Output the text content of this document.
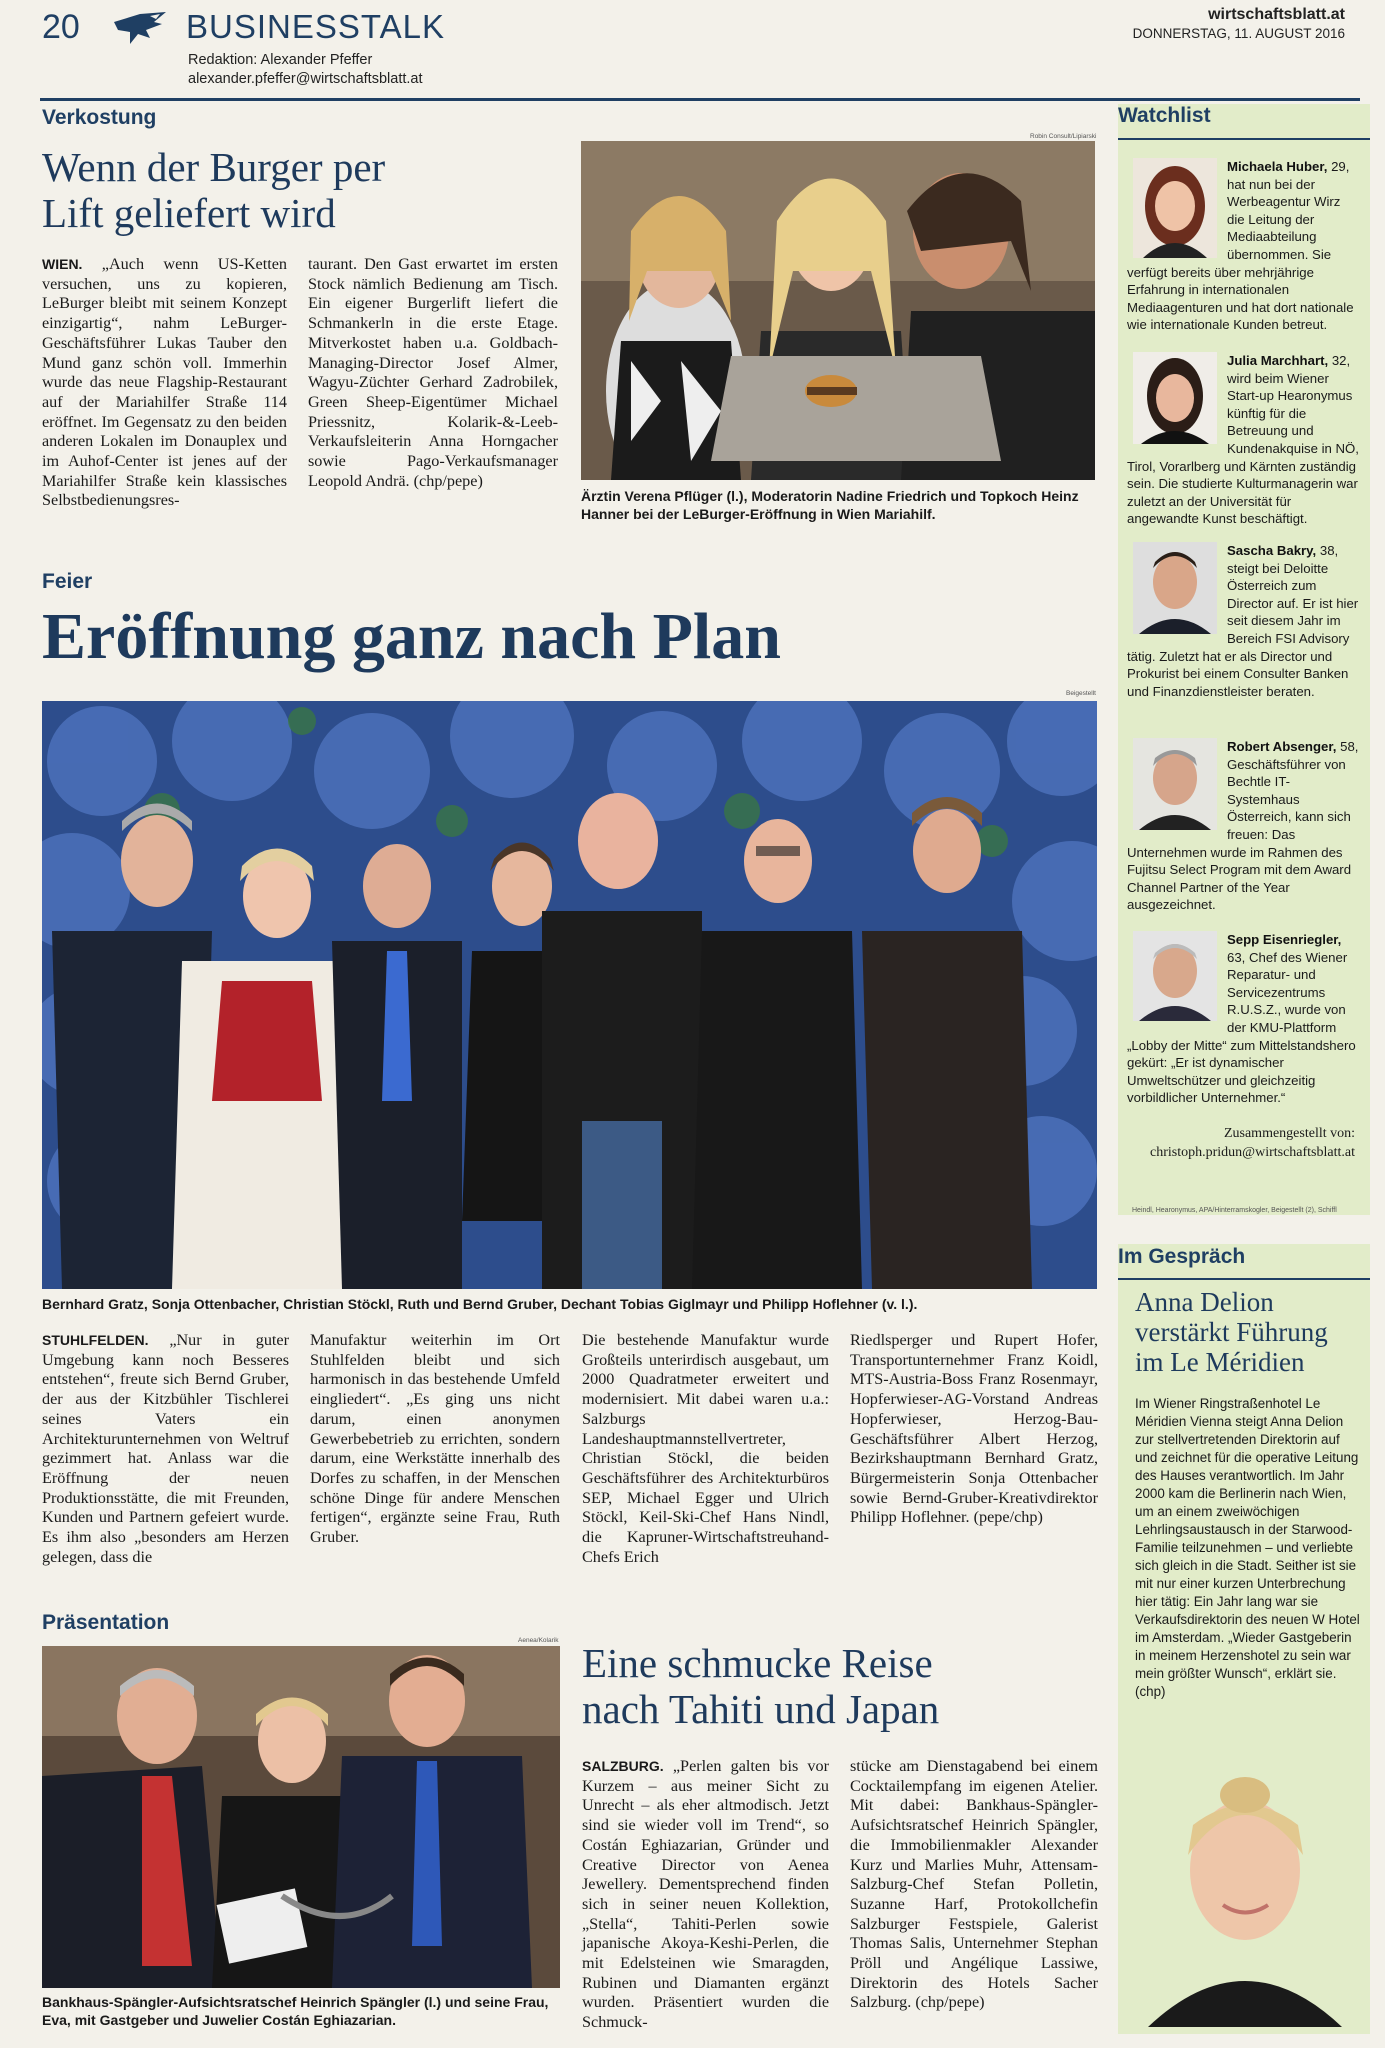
20	BUSINESSTALK
Redaktion: Alexander Pfeffer
alexander.pfeffer@wirtschaftsblatt.at
wirtschaftsblatt.at
DONNERSTAG, 11. AUGUST 2016
Verkostung
Wenn der Burger per
Lift geliefert wird
WIEN. „Auch wenn US-Ketten versuchen, uns zu kopieren, LeBurger bleibt mit seinem Konzept einzigartig“, nahm LeBurger-Geschäftsführer Lukas Tauber den Mund ganz schön voll. Immerhin wurde das neue Flagship-Restaurant auf der Mariahilfer Straße 114 eröffnet. Im Gegensatz zu den beiden anderen Lokalen im Donauplex und im Auhof-Center ist jenes auf der Mariahilfer Straße kein klassisches Selbstbedienungsres-
taurant. Den Gast erwartet im ersten Stock nämlich Bedienung am Tisch. Ein eigener Burgerlift liefert die Schmankerln in die erste Etage. Mitverkostet haben u.a. Goldbach-Managing-Director Josef Almer, Wagyu-Züchter Gerhard Zadrobilek, Green Sheep-Eigentümer Michael Priessnitz, Kolarik-&-Leeb-Verkaufsleiterin Anna Horngacher sowie Pago-Verkaufsmanager Leopold Andrä. (chp/pepe)
Robin Consult/Lipiarski
Ärztin Verena Pflüger (l.), Moderatorin Nadine Friedrich und Topkoch Heinz Hanner bei der LeBurger-Eröffnung in Wien Mariahilf.
Feier
Eröffnung ganz nach Plan
Beigestellt
Bernhard Gratz, Sonja Ottenbacher, Christian Stöckl, Ruth und Bernd Gruber, Dechant Tobias Giglmayr und Philipp Hoflehner (v. l.).
STUHLFELDEN. „Nur in guter Umgebung kann noch Besseres entstehen“, freute sich Bernd Gruber, der aus der Kitzbühler Tischlerei seines Vaters ein Architekturunternehmen von Weltruf gezimmert hat. Anlass war die Eröffnung der neuen Produktionsstätte, die mit Freunden, Kunden und Partnern gefeiert wurde. Es ihm also „besonders am Herzen gelegen, dass die
Manufaktur weiterhin im Ort Stuhlfelden bleibt und sich harmonisch in das bestehende Umfeld eingliedert“. „Es ging uns nicht darum, einen anonymen Gewerbebetrieb zu errichten, sondern darum, eine Werkstätte innerhalb des Dorfes zu schaffen, in der Menschen schöne Dinge für andere Menschen fertigen“, ergänzte seine Frau, Ruth Gruber.
Die bestehende Manufaktur wurde Großteils unterirdisch ausgebaut, um 2000 Quadratmeter erweitert und modernisiert. Mit dabei waren u.a.: Salzburgs Landeshauptmannstellvertreter, Christian Stöckl, die beiden Geschäftsführer des Architekturbüros SEP, Michael Egger und Ulrich Stöckl, Keil-Ski-Chef Hans Nindl, die Kapruner-Wirtschaftstreuhand-Chefs Erich
Riedlsperger und Rupert Hofer, Transportunternehmer Franz Koidl, MTS-Austria-Boss Franz Rosenmayr, Hopferwieser-AG-Vorstand Andreas Hopferwieser, Herzog-Bau-Geschäftsführer Albert Herzog, Bezirkshauptmann Bernhard Gratz, Bürgermeisterin Sonja Ottenbacher sowie Bernd-Gruber-Kreativdirektor Philipp Hoflehner. (pepe/chp)
Präsentation
Aenea/Kolarik
Bankhaus-Spängler-Aufsichtsratschef Heinrich Spängler (l.) und seine Frau, Eva, mit Gastgeber und Juwelier Costán Eghiazarian.
Eine schmucke Reise
nach Tahiti und Japan
SALZBURG. „Perlen galten bis vor Kurzem – aus meiner Sicht zu Unrecht – als eher altmodisch. Jetzt sind sie wieder voll im Trend“, so Costán Eghiazarian, Gründer und Creative Director von Aenea Jewellery. Dementsprechend finden sich in seiner neuen Kollektion, „Stella“, Tahiti-Perlen sowie japanische Akoya-Keshi-Perlen, die mit Edelsteinen wie Smaragden, Rubinen und Diamanten ergänzt wurden. Präsentiert wurden die Schmuck-
stücke am Dienstagabend bei einem Cocktailempfang im eigenen Atelier. Mit dabei: Bankhaus-Spängler-Aufsichtsratschef Heinrich Spängler, die Immobilienmakler Alexander Kurz und Marlies Muhr, Attensam-Salzburg-Chef Stefan Polletin, Suzanne Harf, Protokollchefin Salzburger Festspiele, Galerist Thomas Salis, Unternehmer Stephan Pröll und Angélique Lassiwe, Direktorin des Hotels Sacher Salzburg. (chp/pepe)
Watchlist
Michaela Huber, 29, hat nun bei der Werbeagentur Wirz die Leitung der Mediaabteilung übernommen. Sie verfügt bereits über mehrjährige Erfahrung in internationalen Mediaagenturen und hat dort nationale wie internationale Kunden betreut.
Julia Marchhart, 32, wird beim Wiener Start-up Hearonymus künftig für die Betreuung und Kundenakquise in NÖ, Tirol, Vorarlberg und Kärnten zuständig sein. Die studierte Kulturmanagerin war zuletzt an der Universität für angewandte Kunst beschäftigt.
Sascha Bakry, 38, steigt bei Deloitte Österreich zum Director auf. Er ist hier seit diesem Jahr im Bereich FSI Advisory tätig. Zuletzt hat er als Director und Prokurist bei einem Consulter Banken und Finanzdienstleister beraten.
Robert Absenger, 58, Geschäftsführer von Bechtle IT-Systemhaus Österreich, kann sich freuen: Das Unternehmen wurde im Rahmen des Fujitsu Select Program mit dem Award Channel Partner of the Year ausgezeichnet.
Sepp Eisenriegler, 63, Chef des Wiener Reparatur- und Servicezentrums R.U.S.Z., wurde von der KMU-Plattform „Lobby der Mitte“ zum Mittelstandshero gekürt: „Er ist dynamischer Umweltschützer und gleichzeitig vorbildlicher Unternehmer.“
Zusammengestellt von:
christoph.pridun@wirtschaftsblatt.at
Heindl, Hearonymus, APA/Hinterramskogler, Beigestellt (2), Schiffl
Im Gespräch
Anna Delion
verstärkt Führung
im Le Méridien
Im Wiener Ringstraßenhotel Le Méridien Vienna steigt Anna Delion zur stellvertretenden Direktorin auf und zeichnet für die operative Leitung des Hauses verantwortlich. Im Jahr 2000 kam die Berlinerin nach Wien, um an einem zweiwöchigen Lehrlingsaustausch in der Starwood-Familie teilzunehmen – und verliebte sich gleich in die Stadt. Seither ist sie mit nur einer kurzen Unterbrechung hier tätig: Ein Jahr lang war sie Verkaufsdirektorin des neuen W Hotel im Amsterdam. „Wieder Gastgeberin in meinem Herzenshotel zu sein war mein größter Wunsch“, erklärt sie. (chp)
